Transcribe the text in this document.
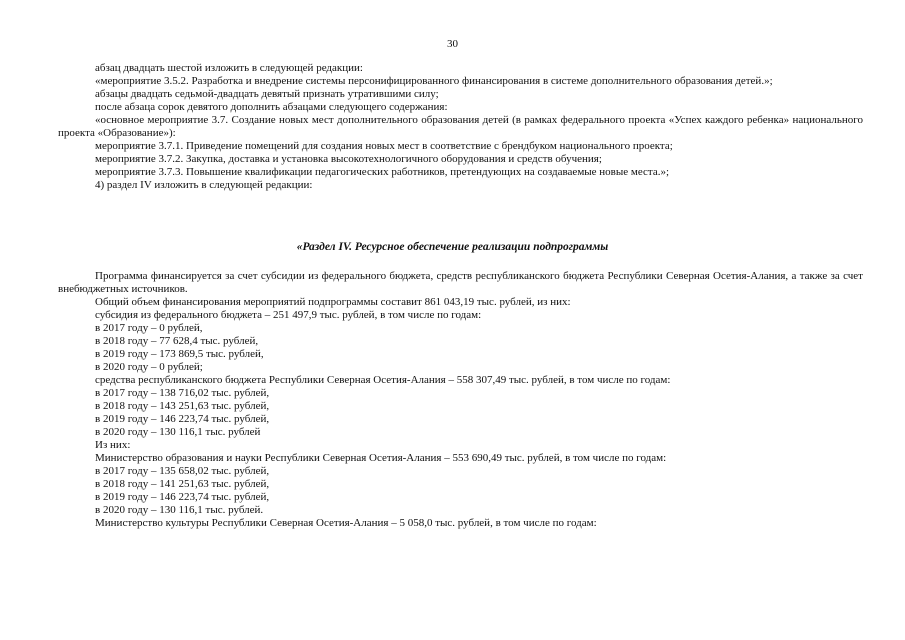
30

абзац двадцать шестой изложить в следующей редакции:

«мероприятие 3.5.2. Разработка и внедрение системы персонифицированного финансирования в системе дополнительного образования детей.»;

абзацы двадцать седьмой-двадцать девятый признать утратившими силу;

после абзаца сорок девятого дополнить абзацами следующего содержания:

«основное мероприятие 3.7. Создание новых мест дополнительного образования детей (в рамках федерального проекта «Успех каждого ребенка» национального проекта «Образование»):

мероприятие 3.7.1. Приведение помещений для создания новых мест в соответствие с брендбуком национального проекта;

мероприятие 3.7.2. Закупка, доставка и установка высокотехнологичного оборудования и средств обучения;

мероприятие 3.7.3. Повышение квалификации педагогических работников, претендующих на создаваемые новые места.»;

4) раздел IV изложить в следующей редакции:

«Раздел IV. Ресурсное обеспечение реализации подпрограммы

Программа финансируется за счет субсидии из федерального бюджета, средств республиканского бюджета Республики Северная Осетия-Алания, а также за счет внебюджетных источников.

Общий объем финансирования мероприятий подпрограммы составит 861 043,19 тыс. рублей, из них:

субсидия из федерального бюджета – 251 497,9 тыс. рублей, в том числе по годам:

в 2017 году – 0 рублей,

в 2018 году – 77 628,4 тыс. рублей,

в 2019 году – 173 869,5 тыс. рублей,

в 2020 году – 0 рублей;

средства республиканского бюджета Республики Северная Осетия-Алания – 558 307,49 тыс. рублей, в том числе по годам:

в 2017 году – 138 716,02 тыс. рублей,

в 2018 году – 143 251,63 тыс. рублей,

в 2019 году – 146 223,74 тыс. рублей,

в 2020 году – 130 116,1 тыс. рублей

Из них:

Министерство образования и науки Республики Северная Осетия-Алания – 553 690,49 тыс. рублей, в том числе по годам:

в 2017 году – 135 658,02 тыс. рублей,

в 2018 году – 141 251,63 тыс. рублей,

в 2019 году – 146 223,74 тыс. рублей,

в 2020 году – 130 116,1 тыс. рублей.

Министерство культуры Республики Северная Осетия-Алания – 5 058,0 тыс. рублей, в том числе по годам:
